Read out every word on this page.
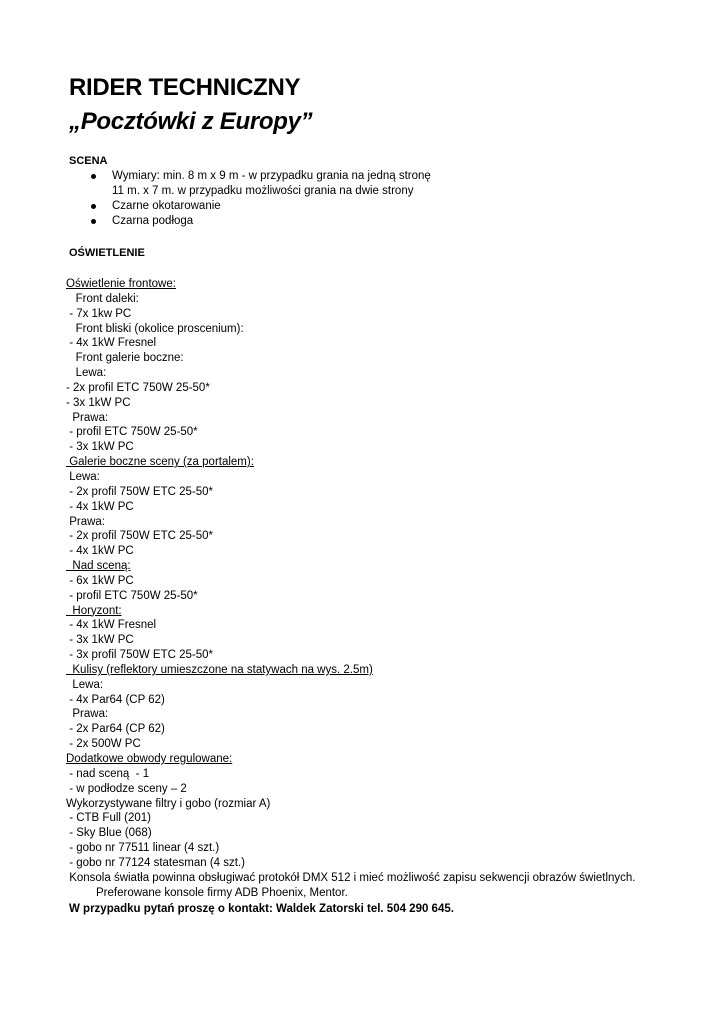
RIDER TECHNICZNY
„Pocztówki z Europy”
SCENA
Wymiary: min. 8 m x 9 m - w przypadku grania na jedną stronę
11 m. x 7 m. w przypadku możliwości grania na dwie strony
Czarne okotarowanie
Czarna podłoga
OŚWIETLENIE
Oświetlenie frontowe:
Front daleki:
- 7x 1kw PC
Front bliski (okolice proscenium):
- 4x 1kW Fresnel
Front galerie boczne:
Lewa:
- 2x profil ETC 750W 25-50*
- 3x 1kW PC
Prawa:
- profil ETC 750W 25-50*
- 3x 1kW PC
Galerie boczne sceny (za portalem):
Lewa:
- 2x profil 750W ETC 25-50*
- 4x 1kW PC
Prawa:
- 2x profil 750W ETC 25-50*
- 4x 1kW PC
Nad sceną:
- 6x 1kW PC
- profil ETC 750W 25-50*
Horyzont:
- 4x 1kW Fresnel
- 3x 1kW PC
- 3x profil 750W ETC 25-50*
Kulisy (reflektory umieszczone na statywach na wys. 2.5m)
Lewa:
- 4x Par64 (CP 62)
Prawa:
- 2x Par64 (CP 62)
- 2x 500W PC
Dodatkowe obwody regulowane:
- nad sceną  - 1
- w podłodze sceny – 2
Wykorzystywane filtry i gobo (rozmiar A)
- CTB Full (201)
- Sky Blue (068)
- gobo nr 77511 linear (4 szt.)
- gobo nr 77124 statesman (4 szt.)
Konsola światła powinna obsługiwać protokół DMX 512 i mieć możliwość zapisu sekwencji obrazów świetlnych.
Preferowane konsole firmy ADB Phoenix, Mentor.
W przypadku pytań proszę o kontakt: Waldek Zatorski tel. 504 290 645.
